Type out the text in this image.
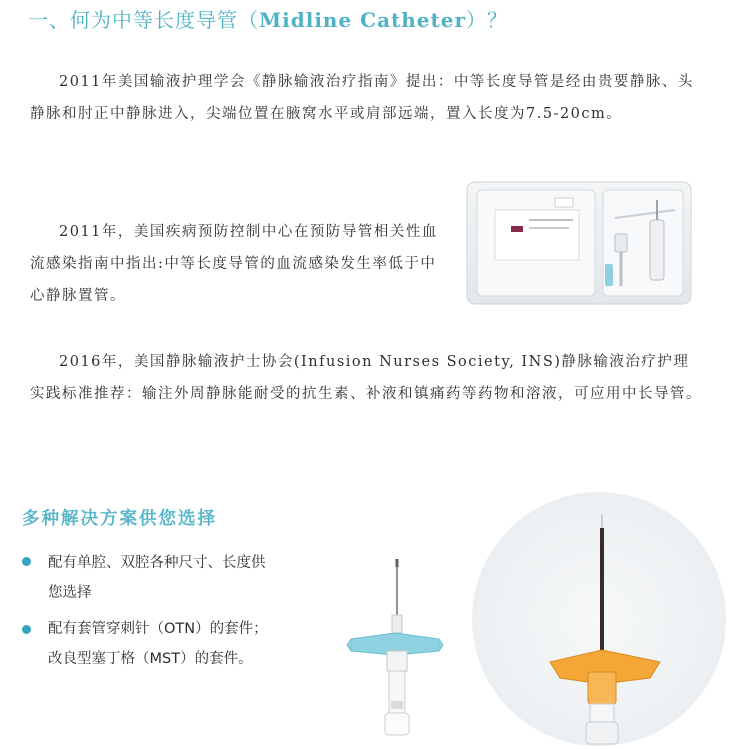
一、何为中等长度导管（Midline Catheter）？

2011年美国输液护理学会《静脉输液治疗指南》提出：中等长度导管是经由贵要静脉、头静脉和肘正中静脉进入，尖端位置在腋窝水平或肩部远端，置入长度为7.5-20cm。

2011年，美国疾病预防控制中心在预防导管相关性血流感染指南中指出:中等长度导管的血流感染发生率低于中心静脉置管。

2016年，美国静脉输液护士协会(Infusion Nurses Society, INS)静脉输液治疗护理实践标准推荐：输注外周静脉能耐受的抗生素、补液和镇痛药等药物和溶液，可应用中长导管。

多种解决方案供您选择
配有单腔、双腔各种尺寸、长度供
您选择
配有套管穿刺针（OTN）的套件；
改良型塞丁格（MST）的套件。
